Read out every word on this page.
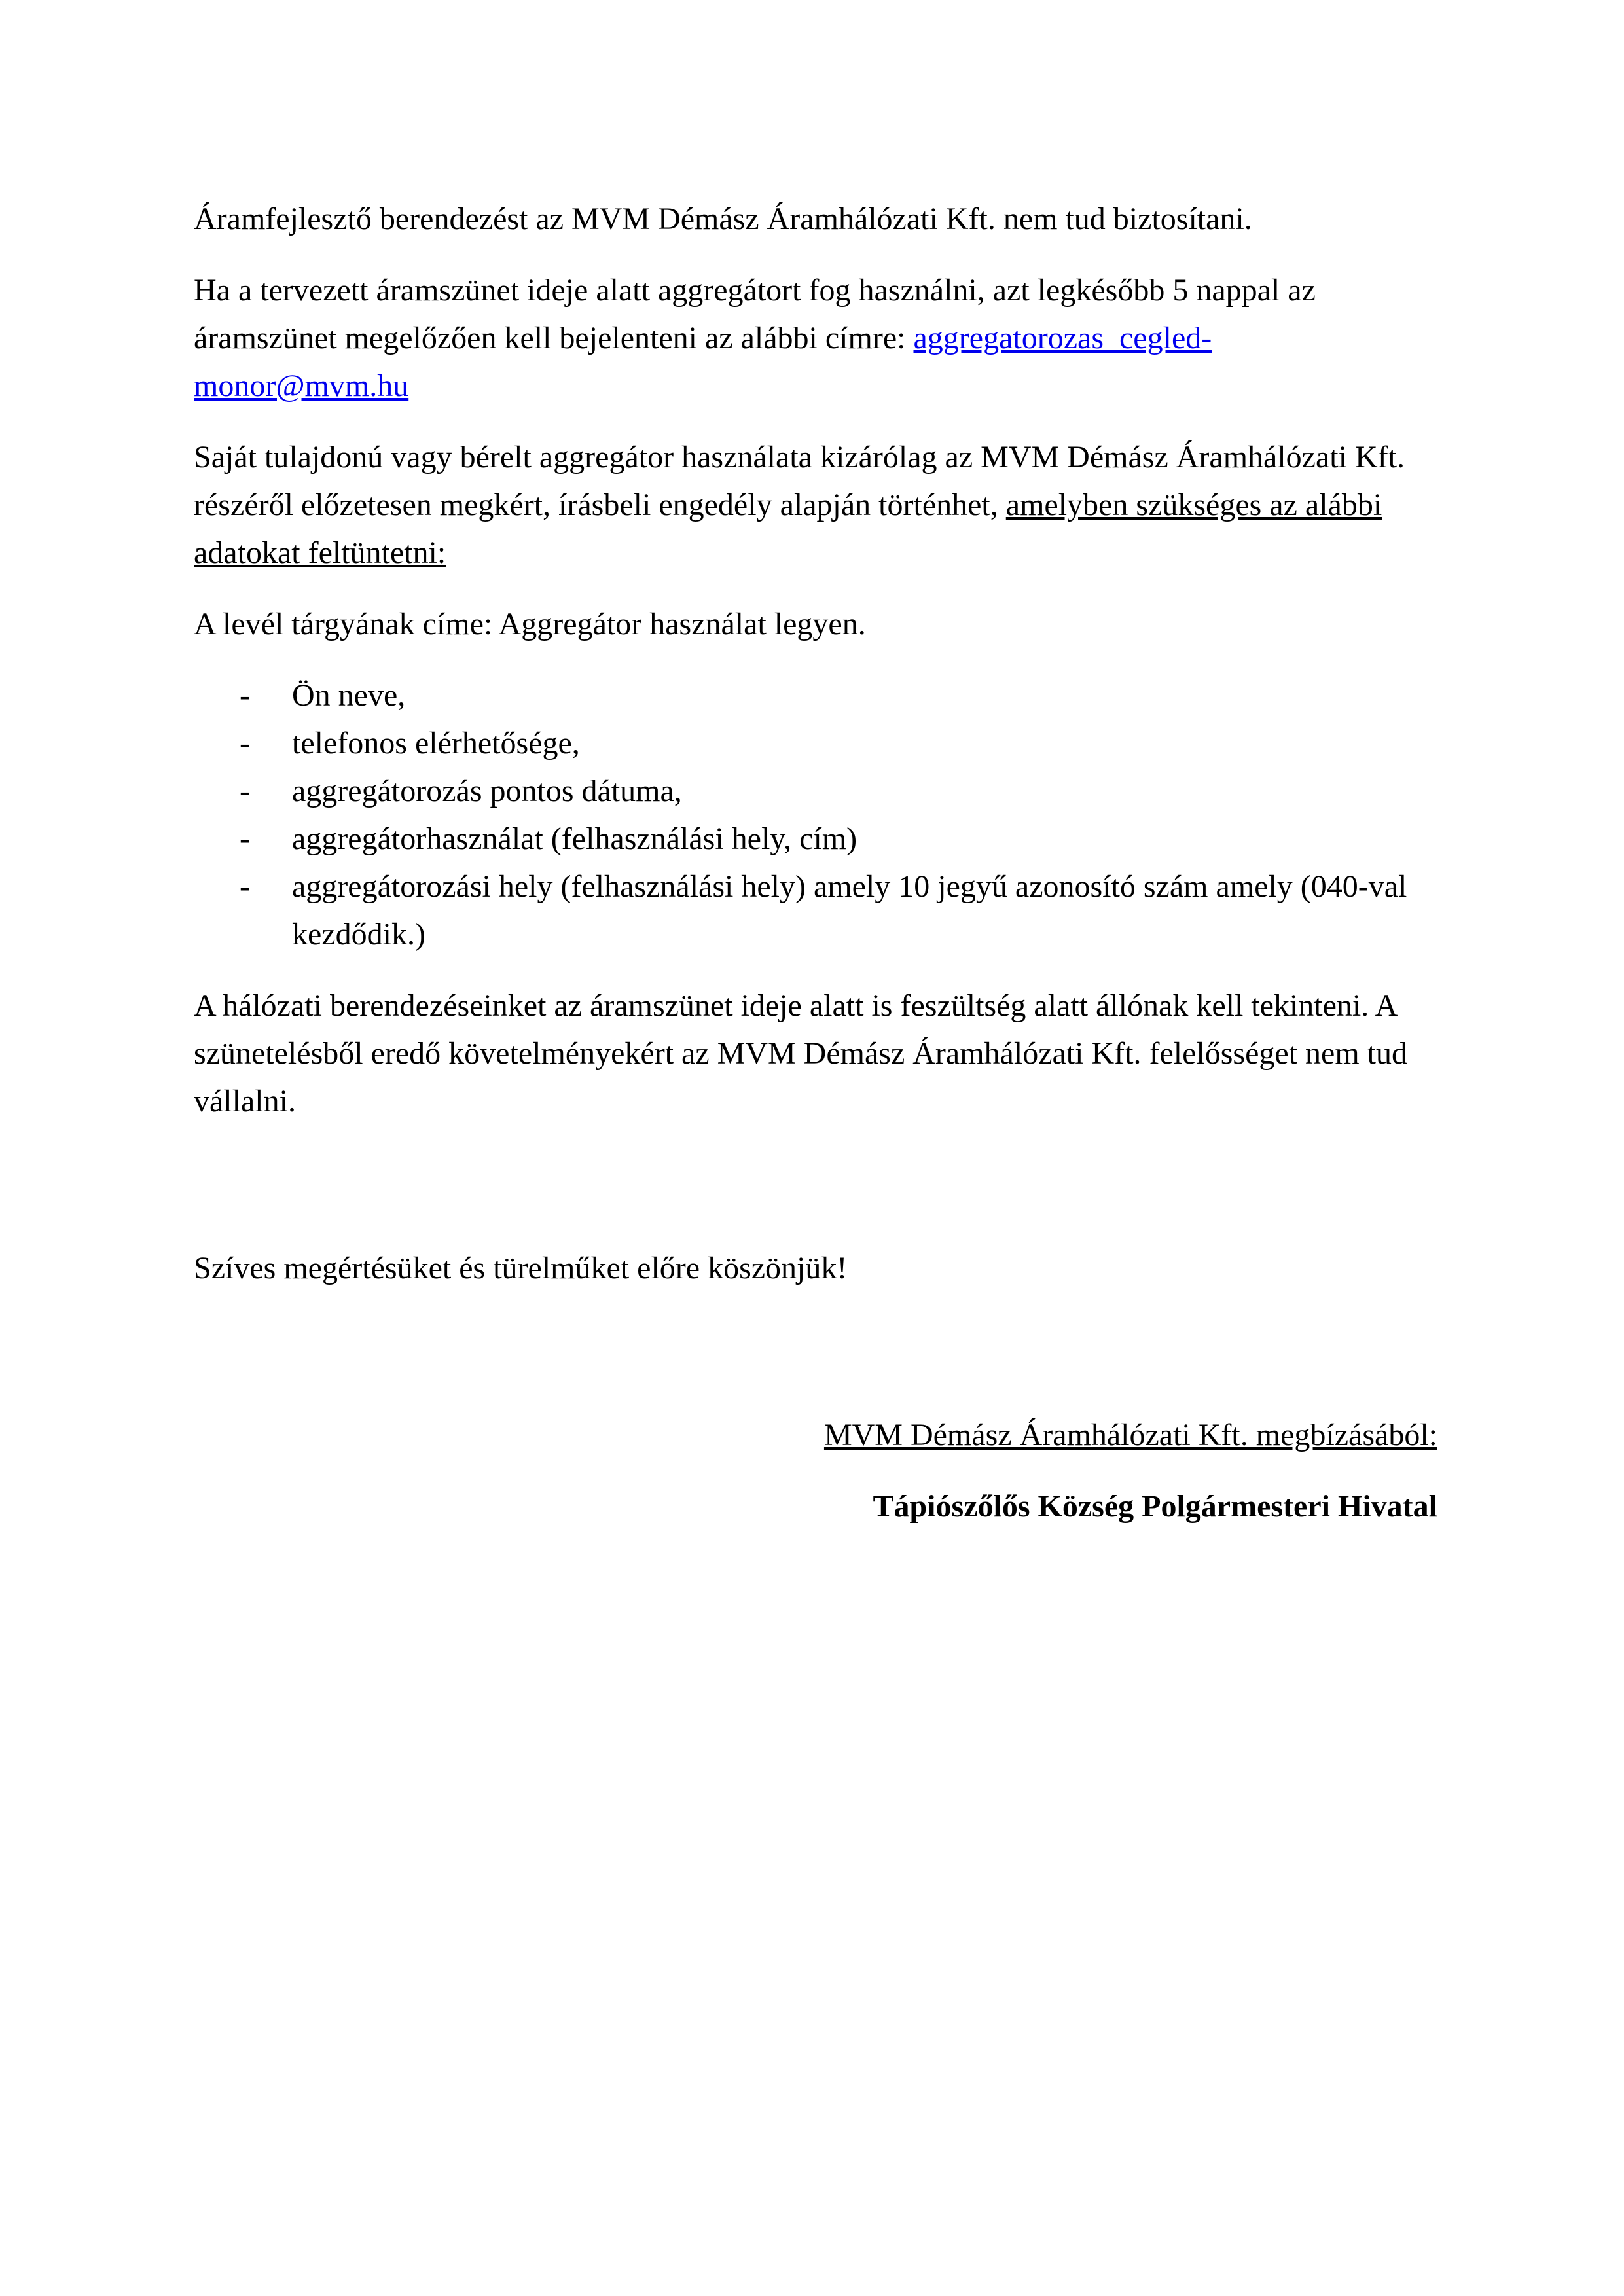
Áramfejlesztő berendezést az MVM Démász Áramhálózati Kft. nem tud biztosítani.

Ha a tervezett áramszünet ideje alatt aggregátort fog használni, azt legkésőbb 5 nappal az áramszünet megelőzően kell bejelenteni az alábbi címre: aggregatorozas_cegled-
monor@mvm.hu

Saját tulajdonú vagy bérelt aggregátor használata kizárólag az MVM Démász Áramhálózati Kft. részéről előzetesen megkért, írásbeli engedély alapján történhet, amelyben szükséges az alábbi adatokat feltüntetni:

A levél tárgyának címe: Aggregátor használat legyen.

- Ön neve,
- telefonos elérhetősége,
- aggregátorozás pontos dátuma,
- aggregátorhasználat (felhasználási hely, cím)
- aggregátorozási hely (felhasználási hely) amely 10 jegyű azonosító szám amely (040-val kezdődik.)

A hálózati berendezéseinket az áramszünet ideje alatt is feszültség alatt állónak kell tekinteni. A szünetelésből eredő követelményekért az MVM Démász Áramhálózati Kft. felelősséget nem tud vállalni.

Szíves megértésüket és türelműket előre köszönjük!

MVM Démász Áramhálózati Kft. megbízásából:

Tápiószőlős Község Polgármesteri Hivatal
